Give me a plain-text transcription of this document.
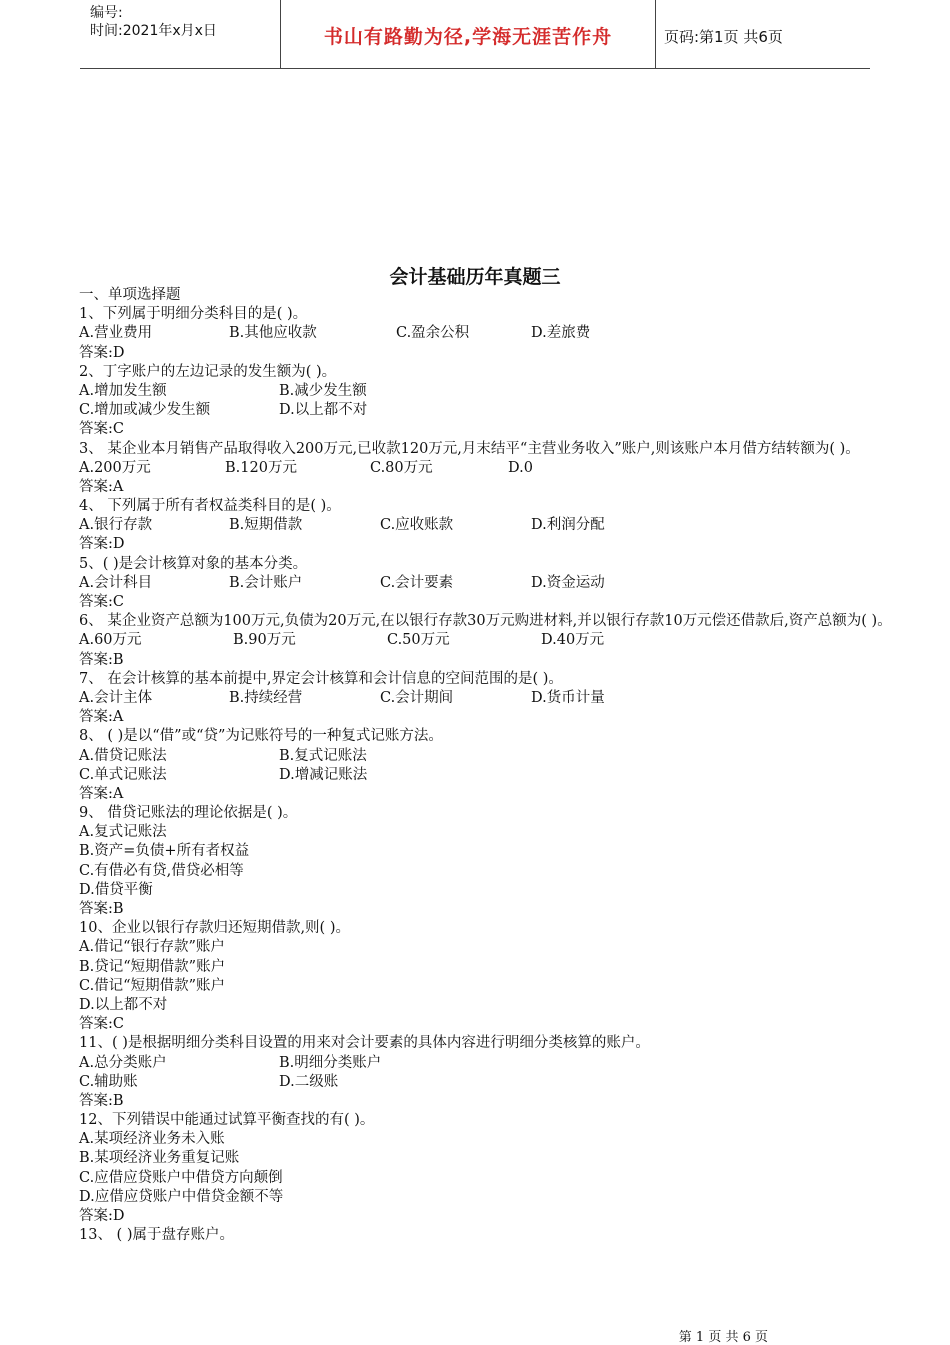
编号:
时间:2021年x月x日	书山有路勤为径,学海无涯苦作舟	页码:第1页 共6页
会计基础历年真题三
一、单项选择题
1、下列属于明细分类科目的是( )。
A.营业费用	B.其他应收款	C.盈余公积	D.差旅费
答案:D
2、丁字账户的左边记录的发生额为( )。
A.增加发生额	B.减少发生额
C.增加或减少发生额	D.以上都不对
答案:C
3、 某企业本月销售产品取得收入200万元,已收款120万元,月末结平“主营业务收入”账户,则该账户本月借方结转额为( )。
A.200万元	B.120万元	C.80万元	D.0
答案:A
4、 下列属于所有者权益类科目的是( )。
A.银行存款	B.短期借款	C.应收账款	D.利润分配
答案:D
5、( )是会计核算对象的基本分类。
A.会计科目	B.会计账户	C.会计要素	D.资金运动
答案:C
6、 某企业资产总额为100万元,负债为20万元,在以银行存款30万元购进材料,并以银行存款10万元偿还借款后,资产总额为( )。
A.60万元	B.90万元	C.50万元	D.40万元
答案:B
7、 在会计核算的基本前提中,界定会计核算和会计信息的空间范围的是( )。
A.会计主体	B.持续经营	C.会计期间	D.货币计量
答案:A
8、 ( )是以“借”或“贷”为记账符号的一种复式记账方法。
A.借贷记账法	B.复式记账法
C.单式记账法	D.增减记账法
答案:A
9、 借贷记账法的理论依据是( )。
A.复式记账法
B.资产=负债+所有者权益
C.有借必有贷,借贷必相等
D.借贷平衡
答案:B
10、企业以银行存款归还短期借款,则( )。
A.借记“银行存款”账户
B.贷记“短期借款”账户
C.借记“短期借款”账户
D.以上都不对
答案:C
11、( )是根据明细分类科目设置的用来对会计要素的具体内容进行明细分类核算的账户。
A.总分类账户	B.明细分类账户
C.辅助账	D.二级账
答案:B
12、下列错误中能通过试算平衡查找的有( )。
A.某项经济业务未入账
B.某项经济业务重复记账
C.应借应贷账户中借贷方向颠倒
D.应借应贷账户中借贷金额不等
答案:D
13、 ( )属于盘存账户。
第 1 页 共 6 页
